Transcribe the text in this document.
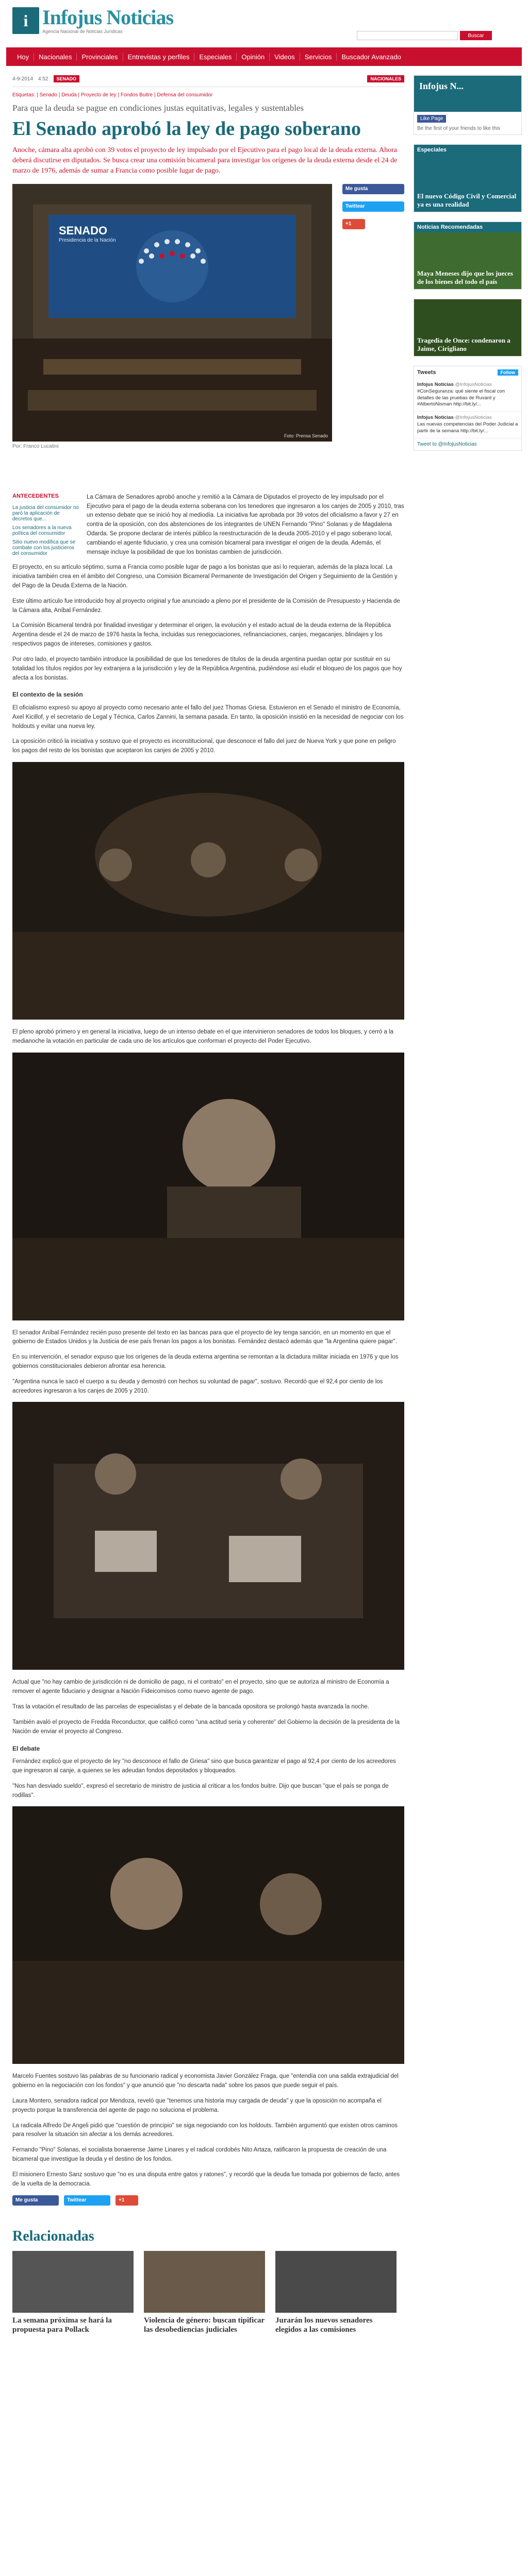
i Infojus Noticias
Agencia Nacional de Noticias Jurídicas
Buscar
Hoy	Nacionales	Provinciales	Entrevistas y perfiles	Especiales	Opinión	Videos	Servicios	Buscador Avanzado
4-9-2014 4:52	SENADO	NACIONALES
Etiquetas: | Senado | Deuda | Proyecto de ley | Fondos Buitre | Defensa del consumidor
Para que la deuda se pague en condiciones justas equitativas, legales y sustentables
El Senado aprobó la ley de pago soberano
Anoche, cámara alta aprobó con 39 votos el proyecto de ley impulsado por el Ejecutivo para el pago local de la deuda externa. Ahora deberá discutirse en diputados. Se busca crear una comisión bicameral para investigar los orígenes de la deuda externa desde el 24 de marzo de 1976, además de sumar a Francia como posible lugar de pago.
SENADO
Presidencia de la Nación
Foto: Prensa Senado
Por: Franco Lucatini
Me gusta
Twittear
+1
ANTECEDENTES
La justicia del consumidor no paró la aplicación de decretos que...
Los senadores a la nueva política del consumidor
Sitio nuevo modifica que se combate con los justicieros del consumidor

La Cámara de Senadores aprobó anoche y remitió a la Cámara de Diputados el proyecto de ley impulsado por el Ejecutivo para el pago de la deuda externa soberana con los tenedores que ingresaron a los canjes de 2005 y 2010, tras un extenso debate que se inició hoy al mediodía. La iniciativa fue aprobada por 39 votos del oficialismo a favor y 27 en contra de la oposición, con dos abstenciones de los integrantes de UNEN Fernando "Pino" Solanas y de Magdalena Odarda. Se propone declarar de interés público la reestructuración de la deuda 2005-2010 y el pago soberano local, cambiando el agente fiduciario, y crea una comisión bicameral para investigar el origen de la deuda. Además, el mensaje incluye la posibilidad de que los bonistas cambien de jurisdicción.

El proyecto, en su artículo séptimo, suma a Francia como posible lugar de pago a los bonistas que así lo requieran, además de la plaza local. La iniciativa también crea en el ámbito del Congreso, una Comisión Bicameral Permanente de Investigación del Origen y Seguimiento de la Gestión y del Pago de la Deuda Externa de la Nación.

Este último artículo fue introducido hoy al proyecto original y fue anunciado a pleno por el presidente de la Comisión de Presupuesto y Hacienda de la Cámara alta, Aníbal Fernández.

La Comisión Bicameral tendrá por finalidad investigar y determinar el origen, la evolución y el estado actual de la deuda externa de la República Argentina desde el 24 de marzo de 1976 hasta la fecha, incluidas sus renegociaciones, refinanciaciones, canjes, megacanjes, blindajes y los respectivos pagos de intereses, comisiones y gastos.

Por otro lado, el proyecto también introduce la posibilidad de que los tenedores de títulos de la deuda argentina puedan optar por sustituir en su totalidad los títulos regidos por ley extranjera a la jurisdicción y ley de la República Argentina, pudiéndose así eludir el bloqueo de los pagos que hoy afecta a los bonistas.

El contexto de la sesión

El oficialismo expresó su apoyo al proyecto como necesario ante el fallo del juez Thomas Griesa. Estuvieron en el Senado el ministro de Economía, Axel Kicillof, y el secretario de Legal y Técnica, Carlos Zannini, la semana pasada. En tanto, la oposición insistió en la necesidad de negociar con los holdouts y evitar una nueva ley.

La oposición criticó la iniciativa y sostuvo que el proyecto es inconstitucional, que desconoce el fallo del juez de Nueva York y que pone en peligro los pagos del resto de los bonistas que aceptaron los canjes de 2005 y 2010.

El pleno aprobó primero y en general la iniciativa, luego de un intenso debate en el que intervinieron senadores de todos los bloques, y cerró a la medianoche la votación en particular de cada uno de los artículos que conforman el proyecto del Poder Ejecutivo.

El senador Aníbal Fernández recién puso presente del texto en las bancas para que el proyecto de ley tenga sanción, en un momento en que el gobierno de Estados Unidos y la Justicia de ese país frenan los pagos a los bonistas. Fernández destacó además que "la Argentina quiere pagar".

En su intervención, el senador expuso que los orígenes de la deuda externa argentina se remontan a la dictadura militar iniciada en 1976 y que los gobiernos constitucionales debieron afrontar esa herencia.

"Argentina nunca le sacó el cuerpo a su deuda y demostró con hechos su voluntad de pagar", sostuvo. Recordó que el 92,4 por ciento de los acreedores ingresaron a los canjes de 2005 y 2010.

Actual que "no hay cambio de jurisdicción ni de domicilio de pago, ni el contrato" en el proyecto, sino que se autoriza al ministro de Economía a remover el agente fiduciario y designar a Nación Fideicomisos como nuevo agente de pago.

Tras la votación el resultado de las parcelas de especialistas y el debate de la bancada opositora se prolongó hasta avanzada la noche.

También avaló el proyecto de Fredda Reconductor, que calificó como "una actitud seria y coherente" del Gobierno la decisión de la presidenta de la Nación de enviar el proyecto al Congreso.

El debate

Fernández explicó que el proyecto de ley "no desconoce el fallo de Griesa" sino que busca garantizar el pago al 92,4 por ciento de los acreedores que ingresaron al canje, a quienes se les adeudan fondos depositados y bloqueados.

"Nos han desviado sueldo", expresó el secretario de ministro de justicia al criticar a los fondos buitre. Dijo que buscan "que el país se ponga de rodillas".

Marcelo Fuentes sostuvo las palabras de su funcionario radical y economista Javier González Fraga, que "entendía con una salida extrajudicial del gobierno en la negociación con los fondos" y que anunció que "no descarta nada" sobre los pasos que puede seguir el país.

Laura Montero, senadora radical por Mendoza, reveló que "tenemos una historia muy cargada de deuda" y que la oposición no acompaña el proyecto porque la transferencia del agente de pago no soluciona el problema.

La radicala Alfredo De Angeli pidió que "cuestión de principio" se siga negociando con los holdouts. También argumentó que existen otros caminos para resolver la situación sin afectar a los demás acreedores.

Fernando "Pino" Solanas, el socialista bonaerense Jaime Linares y el radical cordobés Nito Artaza, ratificaron la propuesta de creación de una bicameral que investigue la deuda y el destino de los fondos.

El misionero Ernesto Sanz sostuvo que "no es una disputa entre gatos y ratones", y recordó que la deuda fue tomada por gobiernos de facto, antes de la vuelta de la democracia.

Me gusta	Twittear	+1
Relacionadas
La semana próxima se hará la propuesta para Pollack
Violencia de género: buscan tipificar las desobediencias judiciales
Jurarán los nuevos senadores elegidos a las comisiones
Infojus N...
Like Page
Be the first of your friends to like this
Especiales
El nuevo Código Civil y Comercial ya es una realidad
Noticias Recomendadas
Maya Meneses dijo que los jueces de los bienes del todo el país
Tragedia de Once: condenaron a Jaime, Cirigliano
Tweets	Follow
Infojus Noticias @InfojusNoticias
#ConSeguranza: qué siente el fiscal con detalles de las pruebas de Ruvard y #AlbertoNisman http://bit.ly/...
Infojus Noticias @InfojusNoticias
Las nuevas competencias del Poder Judicial a partir de la semana http://bit.ly/...
Tweet to @InfojusNoticias
